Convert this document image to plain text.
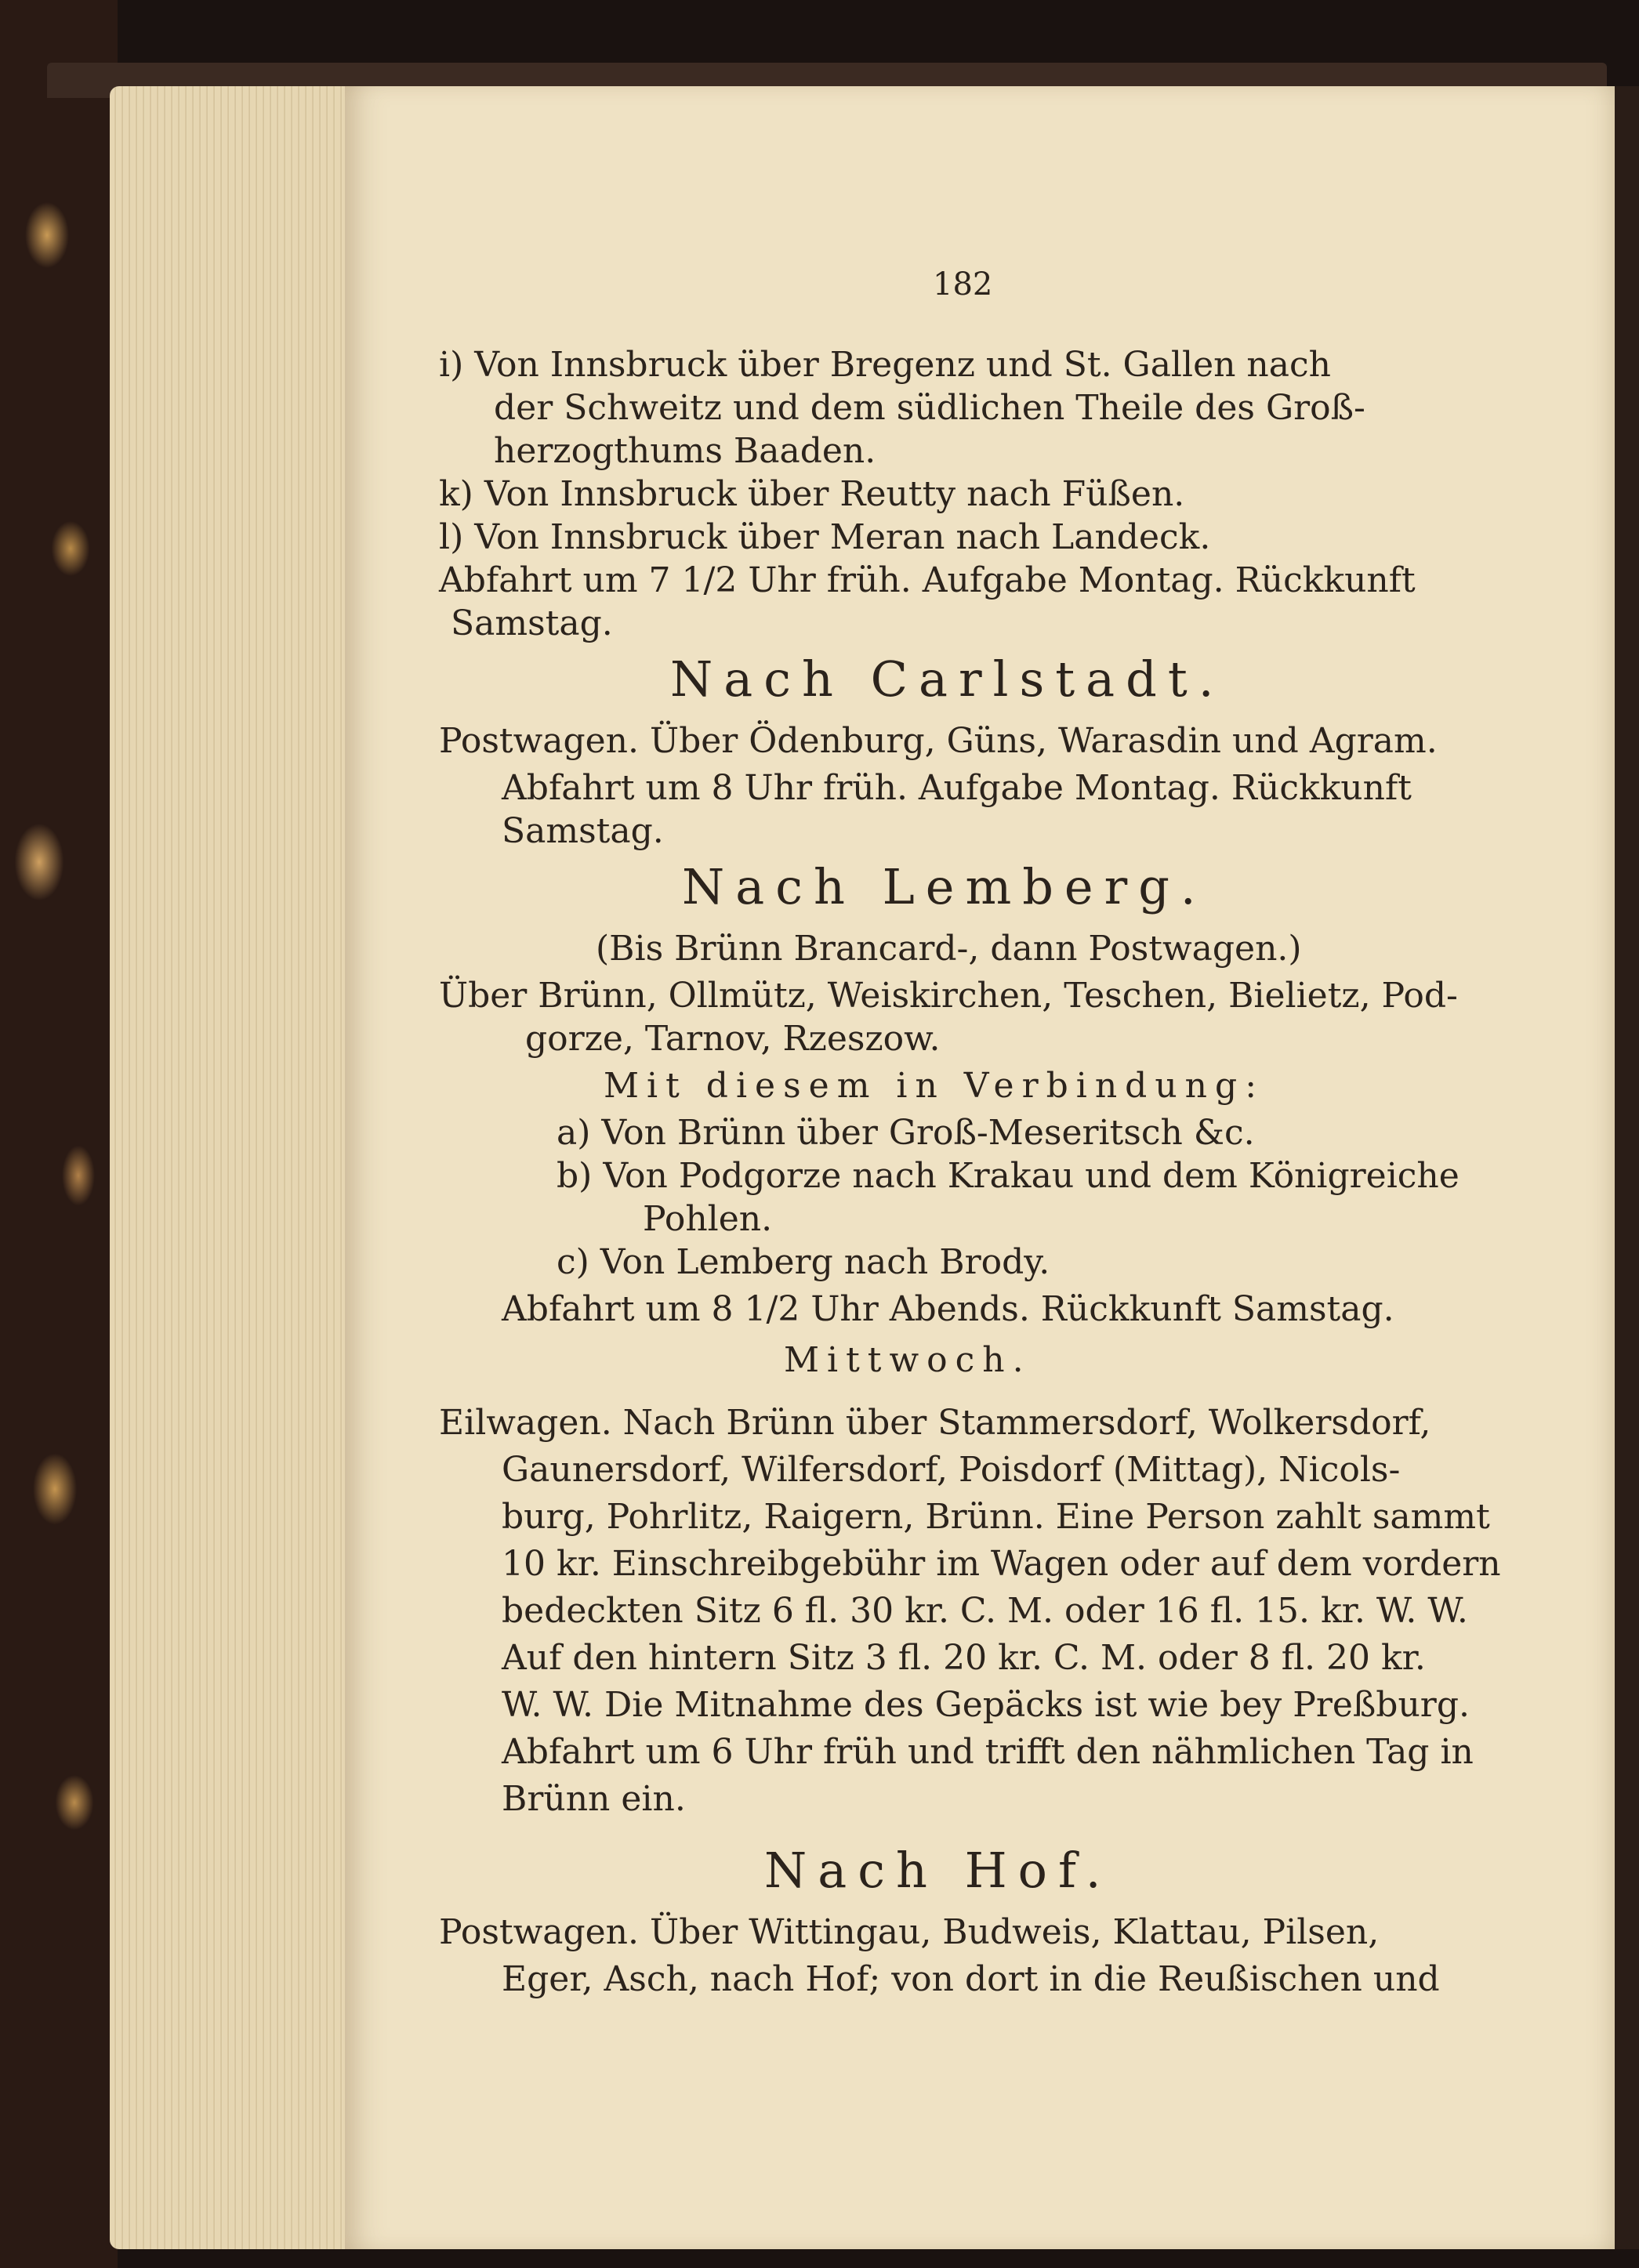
182
i) Von Innsbruck über Bregenz und St. Gallen nach
der Schweitz und dem südlichen Theile des Groß-
herzogthums Baaden.
k) Von Innsbruck über Reutty nach Füßen.
l) Von Innsbruck über Meran nach Landeck.
Abfahrt um 7 1/2 Uhr früh. Aufgabe Montag. Rückkunft
Samstag.
Nach Carlstadt.
Postwagen. Über Ödenburg, Güns, Warasdin und Agram.
Abfahrt um 8 Uhr früh. Aufgabe Montag. Rückkunft
Samstag.
Nach Lemberg.
(Bis Brünn Brancard-, dann Postwagen.)
Über Brünn, Ollmütz, Weiskirchen, Teschen, Bielietz, Pod-
gorze, Tarnov, Rzeszow.
Mit diesem in Verbindung:
a) Von Brünn über Groß-Meseritsch &c.
b) Von Podgorze nach Krakau und dem Königreiche
Pohlen.
c) Von Lemberg nach Brody.
Abfahrt um 8 1/2 Uhr Abends. Rückkunft Samstag.
Mittwoch.
Eilwagen. Nach Brünn über Stammersdorf, Wolkersdorf,
Gaunersdorf, Wilfersdorf, Poisdorf (Mittag), Nicols-
burg, Pohrlitz, Raigern, Brünn. Eine Person zahlt sammt
10 kr. Einschreibgebühr im Wagen oder auf dem vordern
bedeckten Sitz 6 fl. 30 kr. C. M. oder 16 fl. 15. kr. W. W.
Auf den hintern Sitz 3 fl. 20 kr. C. M. oder 8 fl. 20 kr.
W. W. Die Mitnahme des Gepäcks ist wie bey Preßburg.
Abfahrt um 6 Uhr früh und trifft den nähmlichen Tag in
Brünn ein.
Nach Hof.
Postwagen. Über Wittingau, Budweis, Klattau, Pilsen,
Eger, Asch, nach Hof; von dort in die Reußischen und
